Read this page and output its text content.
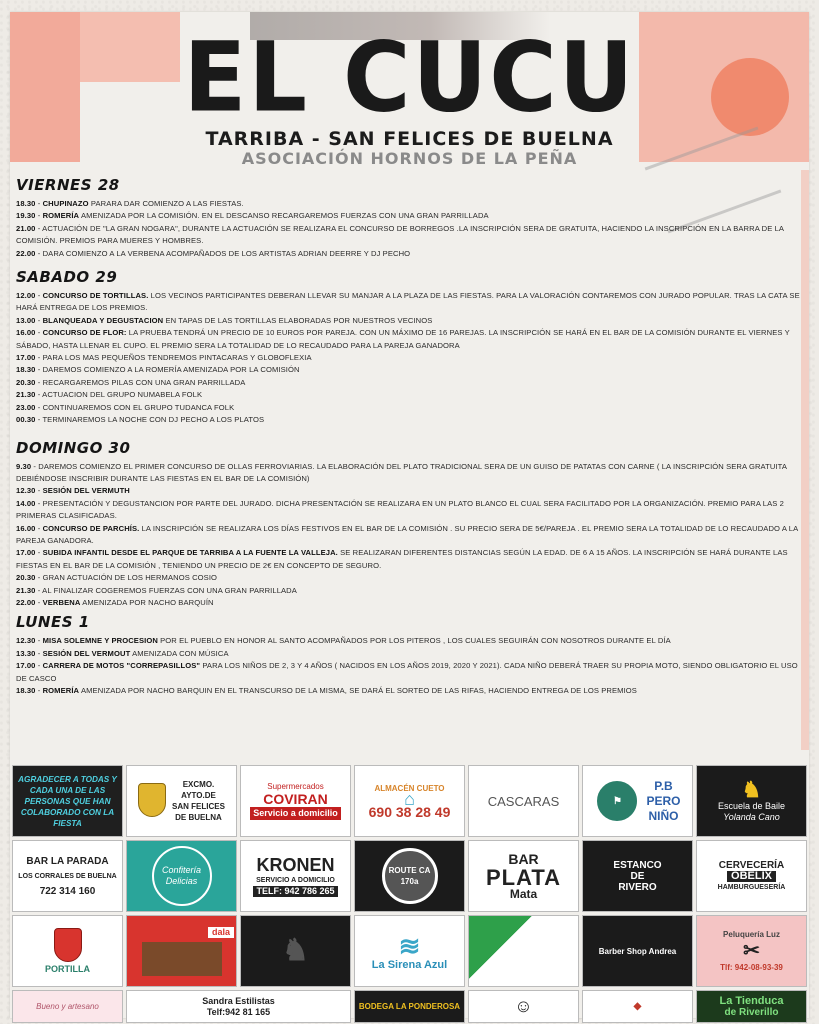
EL CUCU
TARRIBA - SAN FELICES DE BUELNA
ASOCIACIÓN HORNOS DE LA PEÑA
VIERNES 28
18.30 - CHUPINAZO PARARA DAR COMIENZO A LAS FIESTAS.
19.30 - ROMERÍA AMENIZADA POR LA COMISIÓN. EN EL DESCANSO RECARGAREMOS FUERZAS CON UNA GRAN PARRILLADA
21.00 - ACTUACIÓN DE "LA GRAN NOGARA", DURANTE LA ACTUACIÓN SE REALIZARA EL CONCURSO DE BORREGOS .LA INSCRIPCIÓN SERA DE GRATUITA, HACIENDO LA INSCRIPCIÓN EN LA BARRA DE LA COMISIÓN. PREMIOS PARA MUERES Y HOMBRES.
22.00 - DARA COMIENZO A LA VERBENA ACOMPAÑADOS DE LOS ARTISTAS ADRIAN DEERRE Y DJ PECHO
SABADO 29
12.00 - CONCURSO DE TORTILLAS. LOS VECINOS PARTICIPANTES DEBERAN LLEVAR SU MANJAR A LA PLAZA DE LAS FIESTAS. PARA LA VALORACIÓN CONTAREMOS CON JURADO POPULAR. TRAS LA CATA SE HARÁ ENTREGA DE LOS PREMIOS.
13.00 - BLANQUEADA Y DEGUSTACION EN TAPAS DE LAS TORTILLAS ELABORADAS POR NUESTROS VECINOS
16.00 - CONCURSO DE FLOR: LA PRUEBA TENDRÁ UN PRECIO DE 10 EUROS POR PAREJA. CON UN MÁXIMO DE 16 PAREJAS. LA INSCRIPCIÓN SE HARÁ EN EL BAR DE LA COMISIÓN DURANTE EL VIERNES Y SÁBADO, HASTA LLENAR EL CUPO. EL PREMIO SERA LA TOTALIDAD DE LO RECAUDADO PARA LA PAREJA GANADORA
17.00 - PARA LOS MAS PEQUEÑOS TENDREMOS PINTACARAS Y GLOBOFLEXIA
18.30 - DAREMOS COMIENZO A LA ROMERÍA AMENIZADA POR LA COMISIÓN
20.30 - RECARGAREMOS PILAS CON UNA GRAN PARRILLADA
21.30 - ACTUACION DEL GRUPO NUMABELA FOLK
23.00 - CONTINUAREMOS CON EL GRUPO TUDANCA FOLK
00.30 - TERMINAREMOS LA NOCHE CON DJ PECHO A LOS PLATOS
DOMINGO 30
9.30 - DAREMOS COMIENZO EL PRIMER CONCURSO DE OLLAS FERROVIARIAS. LA ELABORACIÓN DEL PLATO TRADICIONAL SERA DE UN GUISO DE PATATAS CON CARNE ( LA INSCRIPCIÓN SERA GRATUITA DEBIÉNDOSE INSCRIBIR DURANTE LAS FIESTAS EN EL BAR DE LA COMISIÓN)
12.30 - SESIÓN DEL VERMUTH
14.00 - PRESENTACIÓN Y DEGUSTANCION POR PARTE DEL JURADO. DICHA PRESENTACIÓN SE REALIZARA EN UN PLATO BLANCO EL CUAL SERA FACILITADO POR LA ORGANIZACIÓN. PREMIO PARA LAS 2 PRIMERAS CLASIFICADAS.
16.00 - CONCURSO DE PARCHÍS. LA INSCRIPCIÓN SE REALIZARA LOS DÍAS FESTIVOS EN EL BAR DE LA COMISIÓN . SU PRECIO SERA DE 5€/PAREJA . EL PREMIO SERA LA TOTALIDAD DE LO RECAUDADO A LA PAREJA GANADORA.
17.00 - SUBIDA INFANTIL DESDE EL PARQUE DE TARRIBA A LA FUENTE LA VALLEJA. SE REALIZARAN DIFERENTES DISTANCIAS SEGÚN LA EDAD. DE 6 A 15 AÑOS. LA INSCRIPCIÓN SE HARÁ DURANTE LAS FIESTAS EN EL BAR DE LA COMISIÓN , TENIENDO UN PRECIO DE 2€ EN CONCEPTO DE SEGURO.
20.30 - GRAN ACTUACIÓN DE LOS HERMANOS COSIO
21.30 - AL FINALIZAR COGEREMOS FUERZAS CON UNA GRAN PARRILLADA
22.00 - VERBENA AMENIZADA POR NACHO BARQUÍN
LUNES 1
12.30 - MISA SOLEMNE Y PROCESION POR EL PUEBLO EN HONOR AL SANTO ACOMPAÑADOS POR LOS PITEROS , LOS CUALES SEGUIRÁN CON NOSOTROS DURANTE EL DÍA
13.30 - SESIÓN DEL VERMOUT AMENIZADA CON MÚSICA
17.00 - CARRERA DE MOTOS "CORREPASILLOS" PARA LOS NIÑOS DE 2, 3 Y 4 AÑOS ( NACIDOS EN LOS AÑOS 2019, 2020 Y 2021). CADA NIÑO DEBERÁ TRAER SU PROPIA MOTO, SIENDO OBLIGATORIO EL USO DE CASCO
18.30 - ROMERÍA AMENIZADA POR NACHO BARQUIN EN EL TRANSCURSO DE LA MISMA, SE DARÁ EL SORTEO DE LAS RIFAS, HACIENDO ENTREGA DE LOS PREMIOS
AGRADECER A TODAS Y CADA UNA DE LAS PERSONAS QUE HAN COLABORADO CON LA FIESTA
EXCMO.
AYTO.DE
SAN FELICES
DE BUELNA
Supermercados
COVIRAN
Servicio a domicilio
ALMACÉN CUETO
⌂
690 38 28 49
CASCARAS	⚑
P.B
PERO
NIÑO
♞
Escuela de Baile
Yolanda Cano
BAR LA PARADA
LOS CORRALES DE BUELNA
722 314 160
Confitería Delicias
KRONEN
SERVICIO A DOMICILIO
TELF: 942 786 265
ROUTE CA 170a
BAR
PLATA
Mata
ESTANCO
DE
RIVERO
CERVECERÍA
OBELIX
HAMBURGUESERÍA
PORTILLA
dala
♞	≋
La Sirena Azul

Barber Shop Andrea
Peluquería Luz
✂
Tlf: 942-08-93-39
Bueno y artesano
Sandra Estilistas
Telf:942 81 165	BODEGA LA PONDEROSA	☺	◆	La Tienduca
de Riverillo
